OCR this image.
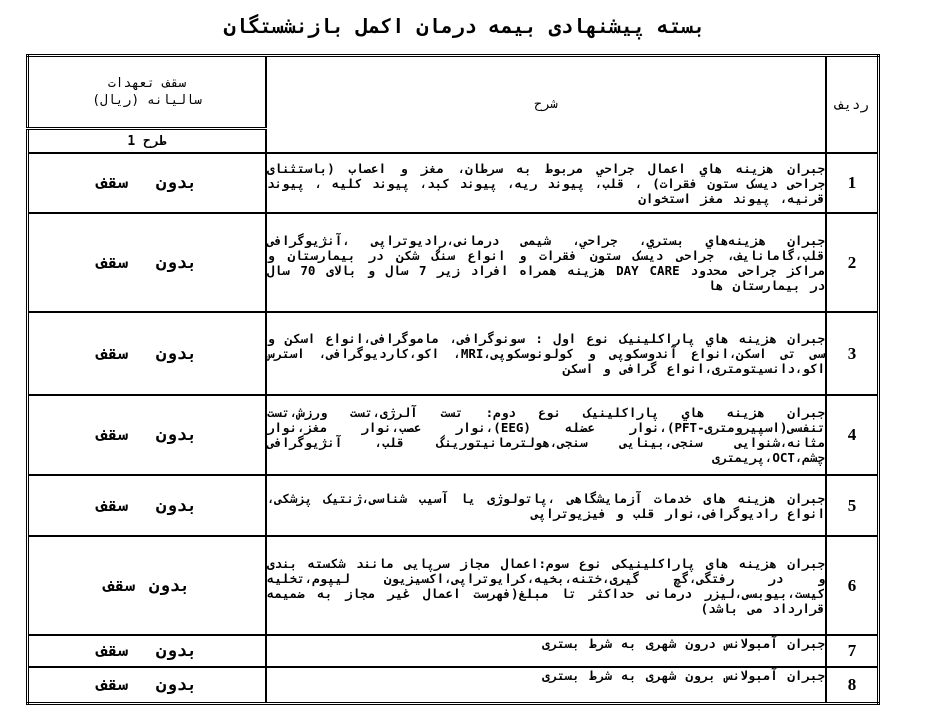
بسته پیشنهادی بیمه درمان اکمل بازنشستگان
ردیف	شرح	سقف تعهدات
سالیانه (ریال)

		طرح 1
1	جبران هزینه هاي اعمال جراحي مربوط به سرطان، مغز و اعصاب (باستثنای جراحی دیسک ستون فقرات) ، قلب، پیوند ریه، پیوند کبد، پیوند کلیه ، پیوند قرنیه، پیوند مغز استخوان	بدون سقف
2	جبران هزینه‌هاي بستري، جراحي، شیمی درمانی،رادیوتراپی ،آنژیوگرافی قلب،گامانایف، جراحی دیسک ستون فقرات و انواع سنگ شکن در بیمارستان و مراکز جراحی محدود DAY CARE هزینه همراه افراد زیر 7 سال و بالای 70 سال در بیمارستان ها	بدون سقف
3	جبران هزینه هاي پاراکلینیک نوع اول : سونوگرافی، ماموگرافی،انواع اسکن و سی تی اسکن،انواع آندوسکوپی و کولونوسکوپی،MRI، اکو،کاردیوگرافی، استرس اکو،دانسیتومتری،انواع گرافی و اسکن	بدون سقف
4	جبران هزینه هاي پاراکلینیک نوع دوم: تست آلرژی،تست ورزش،تست تنفسی(اسپیرومتری-PFT)،نوار عضله (EEG)،نوار عصب،نوار مغز،نوار مثانه،شنوایی سنجی،بینایی سنجی،هولترمانیتورینگ قلب، آنژیوگرافی چشم،OCT،پریمتری	بدون سقف
5	جبران هزینه های خدمات آزمایشگاهی ،پاتولوژی یا آسیب شناسی،ژنتیک پزشکی، انواع رادیوگرافی،نوار قلب و فیزیوتراپی	بدون سقف
6	جبران هزینه های پاراکلینیکی نوع سوم:اعمال مجاز سرپایی مانند شکسته بندی و در رفتگی،گچ گیری،ختنه،بخیه،کرایوتراپی،اکسیزیون لیپوم،تخلیه کیست،بیوبسی،لیزر درمانی حداکثر تا مبلغ(فهرست اعمال غیر مجاز به ضمیمه قرارداد می باشد)	بدون سقف
7	جبران آمبولانس درون شهری به شرط بستری	بدون سقف
8	جبران آمبولانس برون شهری به شرط بستری	بدون سقف
